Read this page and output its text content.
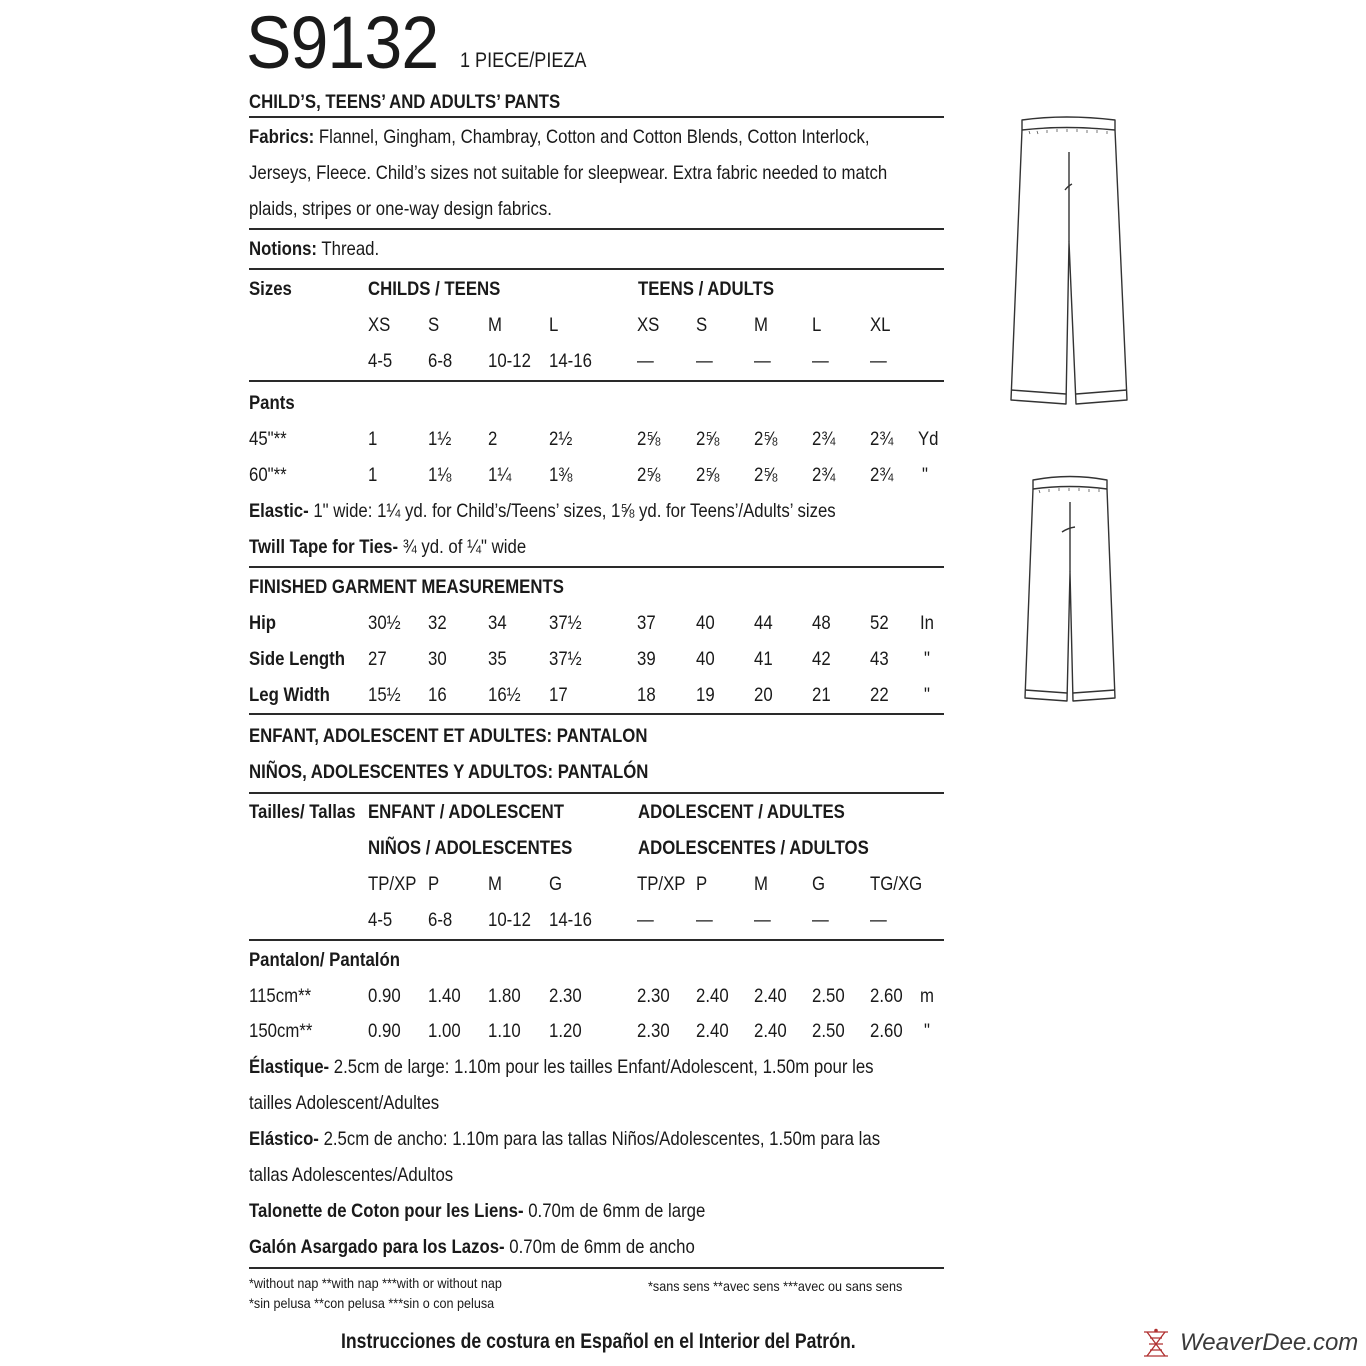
S9132 1 PIECE/PIEZA
CHILD’S, TEENS’ AND ADULTS’ PANTS
Fabrics: Flannel, Gingham, Chambray, Cotton and Cotton Blends, Cotton Interlock,
Jerseys, Fleece. Child’s sizes not suitable for sleepwear. Extra fabric needed to match
plaids, stripes or one-way design fabrics.
Notions: Thread.
Sizes	CHILDS / TEENS	TEENS / ADULTS
XS S	M L	XS S M L XL
4-5 6-8 10-12 14-16 — — — — —
Pants
45"**	1	1½ 2	2½	2⅝ 2⅝ 2⅝ 2¾ 2¾ Yd
60"**	1	1⅛ 1¼ 1⅜	2⅝ 2⅝ 2⅝ 2¾ 2¾ "
Elastic- 1" wide: 1¼ yd. for Child’s/Teens’ sizes, 1⅝ yd. for Teens’/Adults’ sizes
Twill Tape for Ties- ¾ yd. of ¼" wide
FINISHED GARMENT MEASUREMENTS
Hip	30½ 32 34 37½	37 40 44 48 52 In
Side Length 27 30 35 37½	39 40 41 42 43 "
Leg Width 15½ 16 16½ 17	18 19 20 21 22 "
ENFANT, ADOLESCENT ET ADULTES: PANTALON
NIÑOS, ADOLESCENTES Y ADULTOS: PANTALÓN
Tailles/ Tallas ENFANT / ADOLESCENT	ADOLESCENT / ADULTES
NIÑOS / ADOLESCENTES	ADOLESCENTES / ADULTOS
TP/XP P	M G	TP/XP P M G TG/XG
4-5 6-8 10-12 14-16 — — — — —
Pantalon/ Pantalón
115cm**	0.90 1.40 1.80 2.30	2.30 2.40 2.40 2.50 2.60 m
150cm**	0.90 1.00 1.10 1.20	2.30 2.40 2.40 2.50 2.60 "
Élastique- 2.5cm de large: 1.10m pour les tailles Enfant/Adolescent, 1.50m pour les
tailles Adolescent/Adultes
Elástico- 2.5cm de ancho: 1.10m para las tallas Niños/Adolescentes, 1.50m para las
tallas Adolescentes/Adultos
Talonette de Coton pour les Liens- 0.70m de 6mm de large
Galón Asargado para los Lazos- 0.70m de 6mm de ancho
*without nap **with nap ***with or without nap
*sin pelusa **con pelusa ***sin o con pelusa
*sans sens **avec sens ***avec ou sans sens
Instrucciones de costura en Español en el Interior del Patrón.	WeaverDee.com
